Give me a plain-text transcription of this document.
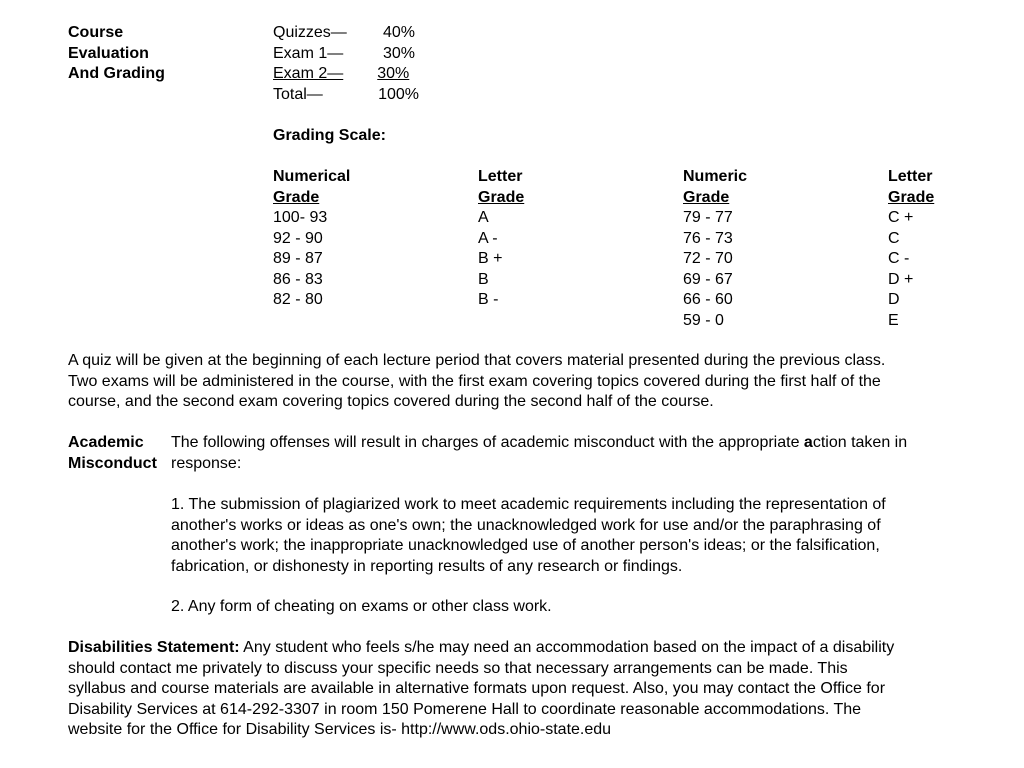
Course
Evaluation
And Grading
Quizzes— 40%
Exam 1— 30%
Exam 2— 30%
Total—	100%
Grading Scale:
Numerical
Grade
Letter
Grade
Numeric
Grade
Letter
Grade
100- 93
92 - 90
89 - 87
86 - 83
82 - 80
A
A -
B +
B
B -
79 - 77
76 - 73
72 - 70
69 - 67
66 - 60
59 - 0
C +
C
C -
D +
D
E
A quiz will be given at the beginning of each lecture period that covers material presented during the previous class.
Two exams will be administered in the course, with the first exam covering topics covered during the first half of the
course, and the second exam covering topics covered during the second half of the course.
Academic
Misconduct
The following offenses will result in charges of academic misconduct with the appropriate action taken in
response:
1. The submission of plagiarized work to meet academic requirements including the representation of
another's works or ideas as one's own; the unacknowledged work for use and/or the paraphrasing of
another's work; the inappropriate unacknowledged use of another person's ideas; or the falsification,
fabrication, or dishonesty in reporting results of any research or findings.
2. Any form of cheating on exams or other class work.
Disabilities Statement: Any student who feels s/he may need an accommodation based on the impact of a disability
should contact me privately to discuss your specific needs so that necessary arrangements can be made. This
syllabus and course materials are available in alternative formats upon request. Also, you may contact the Office for
Disability Services at 614-292-3307 in room 150 Pomerene Hall to coordinate reasonable accommodations. The
website for the Office for Disability Services is- http://www.ods.ohio-state.edu
